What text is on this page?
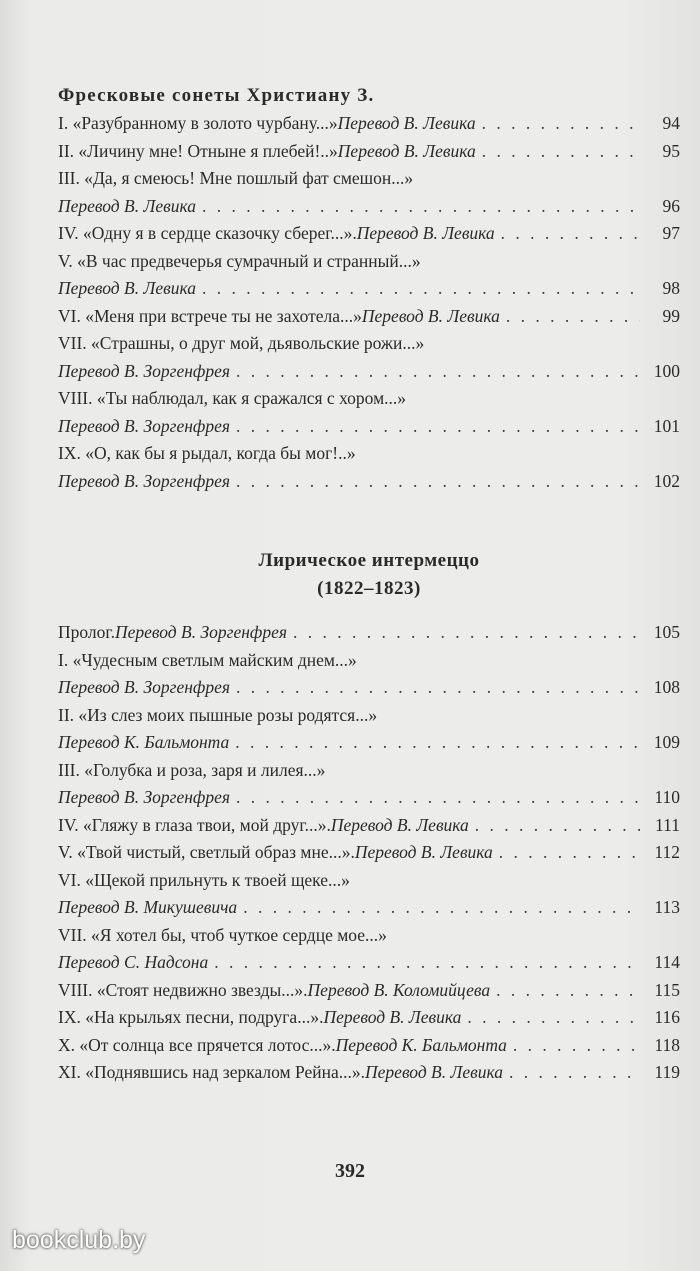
Фресковые сонеты Христиану З.
I. «Разубранному в золото чурбану...» Перевод В. Левика . . .	94
II. «Личину мне! Отныне я плебей!..» Перевод В. Левика . . .	95
III. «Да, я смеюсь! Мне пошлый фат смешон...»
Перевод В. Левика . . .	96
IV. «Одну я в сердце сказочку сберег...». Перевод В. Левика . . .	97
V. «В час предвечерья сумрачный и странный...»
Перевод В. Левика . . .	98
VI. «Меня при встрече ты не захотела...» Перевод В. Левика . . .	99
VII. «Страшны, о друг мой, дьявольские рожи...»
Перевод В. Зоргенфрея . . .	100
VIII. «Ты наблюдал, как я сражался с хором...»
Перевод В. Зоргенфрея . . .	101
IX. «О, как бы я рыдал, когда бы мог!..»
Перевод В. Зоргенфрея . . .	102
Лирическое интермеццо
(1822–1823)
Пролог. Перевод В. Зоргенфрея . . .	105
I. «Чудесным светлым майским днем...»
Перевод В. Зоргенфрея . . .	108
II. «Из слез моих пышные розы родятся...»
Перевод К. Бальмонта . . .	109
III. «Голубка и роза, заря и лилея...»
Перевод В. Зоргенфрея . . .	110
IV. «Гляжу в глаза твои, мой друг...». Перевод В. Левика . . .	111
V. «Твой чистый, светлый образ мне...». Перевод В. Левика . . .	112
VI. «Щекой прильнуть к твоей щеке...»
Перевод В. Микушевича . . .	113
VII. «Я хотел бы, чтоб чуткое сердце мое...»
Перевод С. Надсона . . .	114
VIII. «Стоят недвижно звезды...». Перевод В. Коломийцева . . .	115
IX. «На крыльях песни, подруга...». Перевод В. Левика . . .	116
X. «От солнца все прячется лотос...». Перевод К. Бальмонта . . .	118
XI. «Поднявшись над зеркалом Рейна...». Перевод В. Левика . . .	119
392
bookclub.by
